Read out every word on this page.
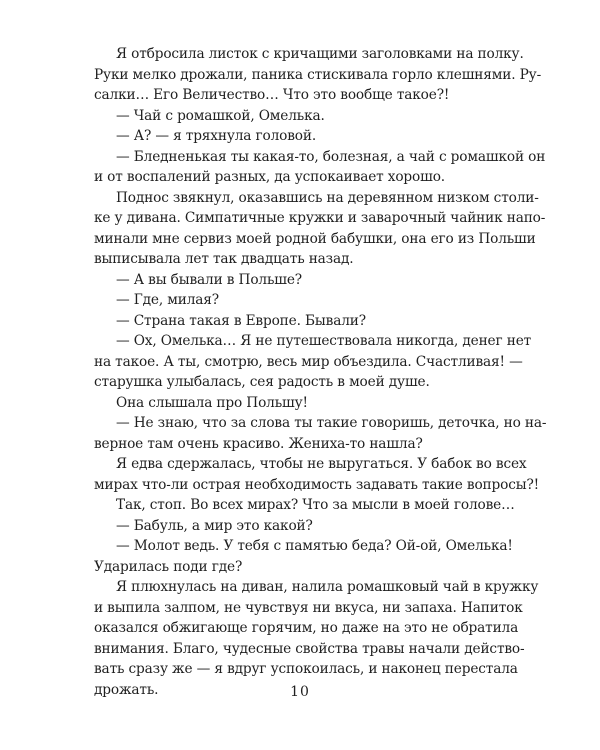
Я отбросила листок с кричащими заголовками на полку.
Руки мелко дрожали, паника стискивала горло клешнями. Ру-
салки… Его Величество… Что это вообще такое?!
— Чай с ромашкой, Омелька.
— А? — я тряхнула головой.
— Бледненькая ты какая-то, болезная, а чай с ромашкой он
и от воспалений разных, да успокаивает хорошо.
Поднос звякнул, оказавшись на деревянном низком столи-
ке у дивана. Симпатичные кружки и заварочный чайник напо-
минали мне сервиз моей родной бабушки, она его из Польши
выписывала лет так двадцать назад.
— А вы бывали в Польше?
— Где, милая?
— Страна такая в Европе. Бывали?
— Ох, Омелька… Я не путешествовала никогда, денег нет
на такое. А ты, смотрю, весь мир объездила. Счастливая! —
старушка улыбалась, сея радость в моей душе.
Она слышала про Польшу!
— Не знаю, что за слова ты такие говоришь, деточка, но на-
верное там очень красиво. Жениха-то нашла?
Я едва сдержалась, чтобы не выругаться. У бабок во всех
мирах что-ли острая необходимость задавать такие вопросы?!
Так, стоп. Во всех мирах? Что за мысли в моей голове…
— Бабуль, а мир это какой?
— Молот ведь. У тебя с памятью беда? Ой-ой, Омелька!
Ударилась поди где?
Я плюхнулась на диван, налила ромашковый чай в кружку
и выпила залпом, не чувствуя ни вкуса, ни запаха. Напиток
оказался обжигающе горячим, но даже на это не обратила
внимания. Благо, чудесные свойства травы начали действо-
вать сразу же — я вдруг успокоилась, и наконец перестала
дрожать.	10
